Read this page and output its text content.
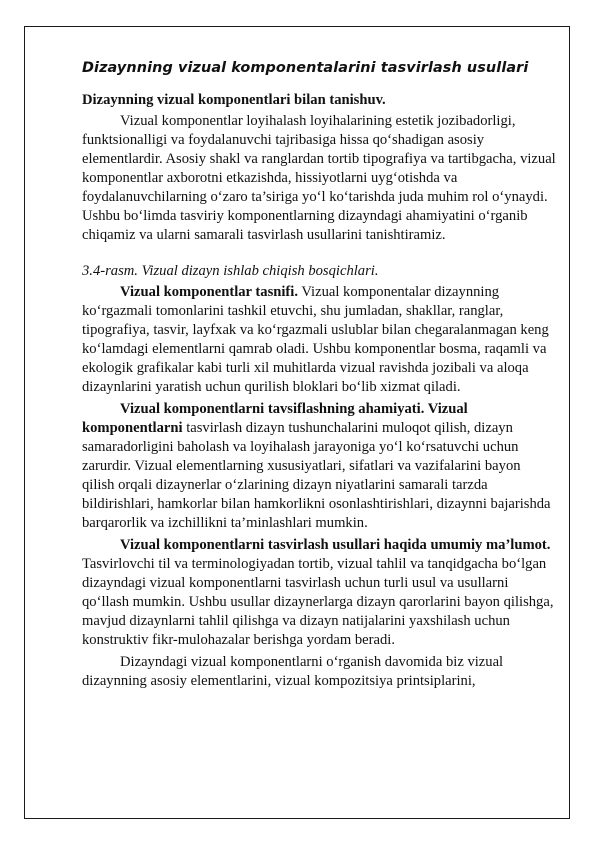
Dizaynning vizual komponentalarini tasvirlash usullari

Dizaynning vizual komponentlari bilan tanishuv.

Vizual komponentlar loyihalash loyihalarining estetik jozibadorligi, funktsionalligi va foydalanuvchi tajribasiga hissa qo‘shadigan asosiy elementlardir. Asosiy shakl va ranglardan tortib tipografiya va tartibgacha, vizual komponentlar axborotni etkazishda, hissiyotlarni uyg‘otishda va foydalanuvchilarning o‘zaro ta’siriga yo‘l ko‘tarishda juda muhim rol o‘ynaydi. Ushbu bo‘limda tasviriy komponentlarning dizayndagi ahamiyatini o‘rganib chiqamiz va ularni samarali tasvirlash usullarini tanishtiramiz.

3.4-rasm. Vizual dizayn ishlab chiqish bosqichlari.

Vizual komponentlar tasnifi. Vizual komponentalar dizaynning ko‘rgazmali tomonlarini tashkil etuvchi, shu jumladan, shakllar, ranglar, tipografiya, tasvir, layfxak va ko‘rgazmali uslublar bilan chegaralanmagan keng ko‘lamdagi elementlarni qamrab oladi. Ushbu komponentlar bosma, raqamli va ekologik grafikalar kabi turli xil muhitlarda vizual ravishda jozibali va aloqa dizaynlarini yaratish uchun qurilish bloklari bo‘lib xizmat qiladi.

Vizual komponentlarni tavsiflashning ahamiyati. Vizual komponentlarni tasvirlash dizayn tushunchalarini muloqot qilish, dizayn samaradorligini baholash va loyihalash jarayoniga yo‘l ko‘rsatuvchi uchun zarurdir. Vizual elementlarning xususiyatlari, sifatlari va vazifalarini bayon qilish orqali dizaynerlar o‘zlarining dizayn niyatlarini samarali tarzda bildirishlari, hamkorlar bilan hamkorlikni osonlashtirishlari, dizaynni bajarishda barqarorlik va izchillikni ta’minlashlari mumkin.

Vizual komponentlarni tasvirlash usullari haqida umumiy ma’lumot. Tasvirlovchi til va terminologiyadan tortib, vizual tahlil va tanqidgacha bo‘lgan dizayndagi vizual komponentlarni tasvirlash uchun turli usul va usullarni qo‘llash mumkin. Ushbu usullar dizaynerlarga dizayn qarorlarini bayon qilishga, mavjud dizaynlarni tahlil qilishga va dizayn natijalarini yaxshilash uchun konstruktiv fikr-mulohazalar berishga yordam beradi.

Dizayndagi vizual komponentlarni o‘rganish davomida biz vizual dizaynning asosiy elementlarini, vizual kompozitsiya printsiplarini,
